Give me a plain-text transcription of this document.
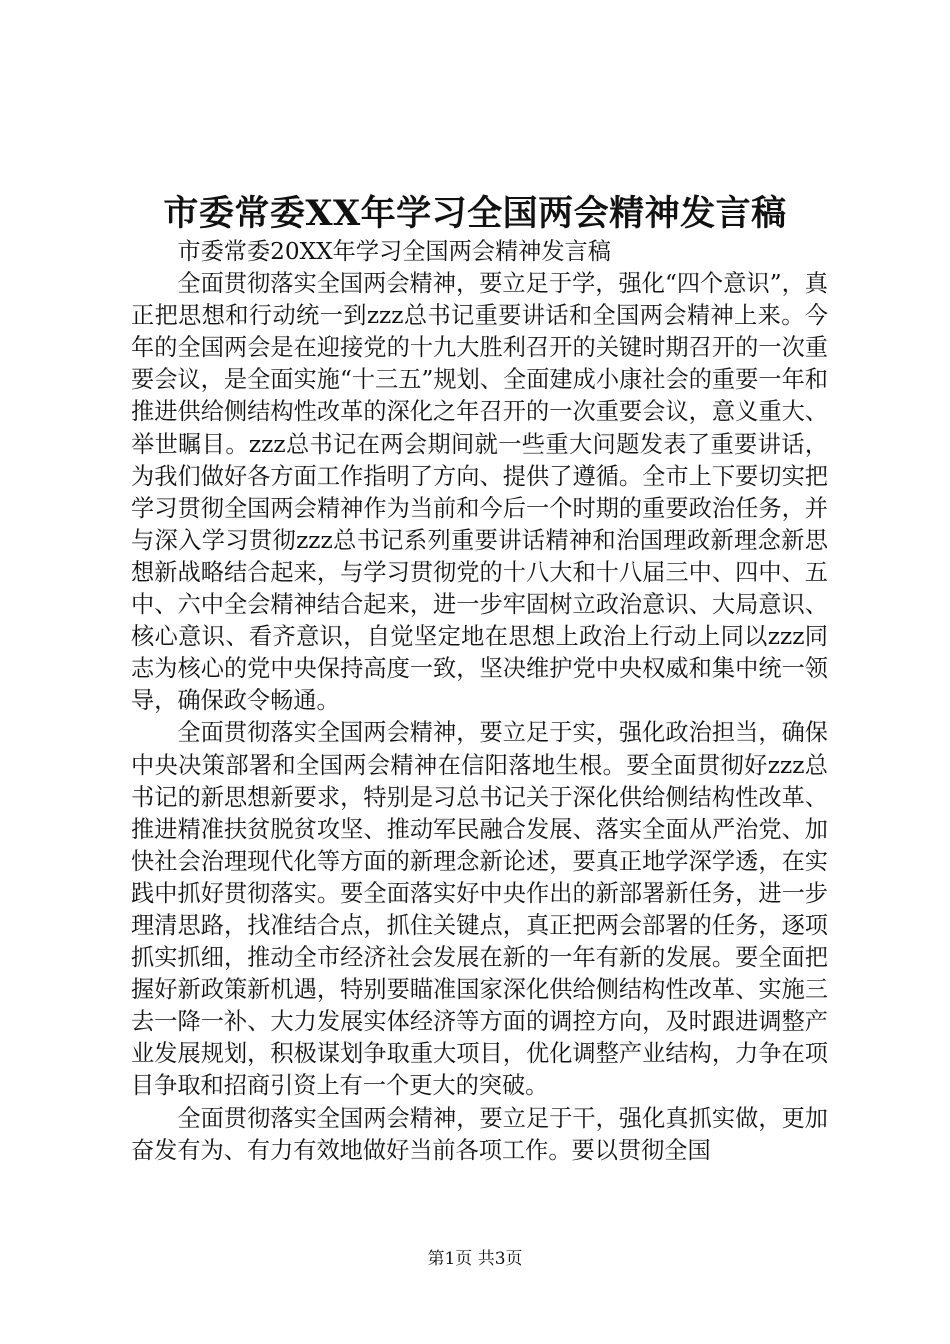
市委常委XX年学习全国两会精神发言稿

市委常委20XX年学习全国两会精神发言稿

全面贯彻落实全国两会精神，要立足于学，强化“四个意识”，真正把思想和行动统一到zzz总书记重要讲话和全国两会精神上来。今年的全国两会是在迎接党的十九大胜利召开的关键时期召开的一次重要会议，是全面实施“十三五”规划、全面建成小康社会的重要一年和推进供给侧结构性改革的深化之年召开的一次重要会议，意义重大、举世瞩目。zzz总书记在两会期间就一些重大问题发表了重要讲话，为我们做好各方面工作指明了方向、提供了遵循。全市上下要切实把学习贯彻全国两会精神作为当前和今后一个时期的重要政治任务，并与深入学习贯彻zzz总书记系列重要讲话精神和治国理政新理念新思想新战略结合起来，与学习贯彻党的十八大和十八届三中、四中、五中、六中全会精神结合起来，进一步牢固树立政治意识、大局意识、核心意识、看齐意识，自觉坚定地在思想上政治上行动上同以zzz同志为核心的党中央保持高度一致，坚决维护党中央权威和集中统一领导，确保政令畅通。

全面贯彻落实全国两会精神，要立足于实，强化政治担当，确保中央决策部署和全国两会精神在信阳落地生根。要全面贯彻好zzz总书记的新思想新要求，特别是习总书记关于深化供给侧结构性改革、推进精准扶贫脱贫攻坚、推动军民融合发展、落实全面从严治党、加快社会治理现代化等方面的新理念新论述，要真正地学深学透，在实践中抓好贯彻落实。要全面落实好中央作出的新部署新任务，进一步理清思路，找准结合点，抓住关键点，真正把两会部署的任务，逐项抓实抓细，推动全市经济社会发展在新的一年有新的发展。要全面把握好新政策新机遇，特别要瞄准国家深化供给侧结构性改革、实施三去一降一补、大力发展实体经济等方面的调控方向，及时跟进调整产业发展规划，积极谋划争取重大项目，优化调整产业结构，力争在项目争取和招商引资上有一个更大的突破。

全面贯彻落实全国两会精神，要立足于干，强化真抓实做，更加奋发有为、有力有效地做好当前各项工作。要以贯彻全国

第1页 共3页
